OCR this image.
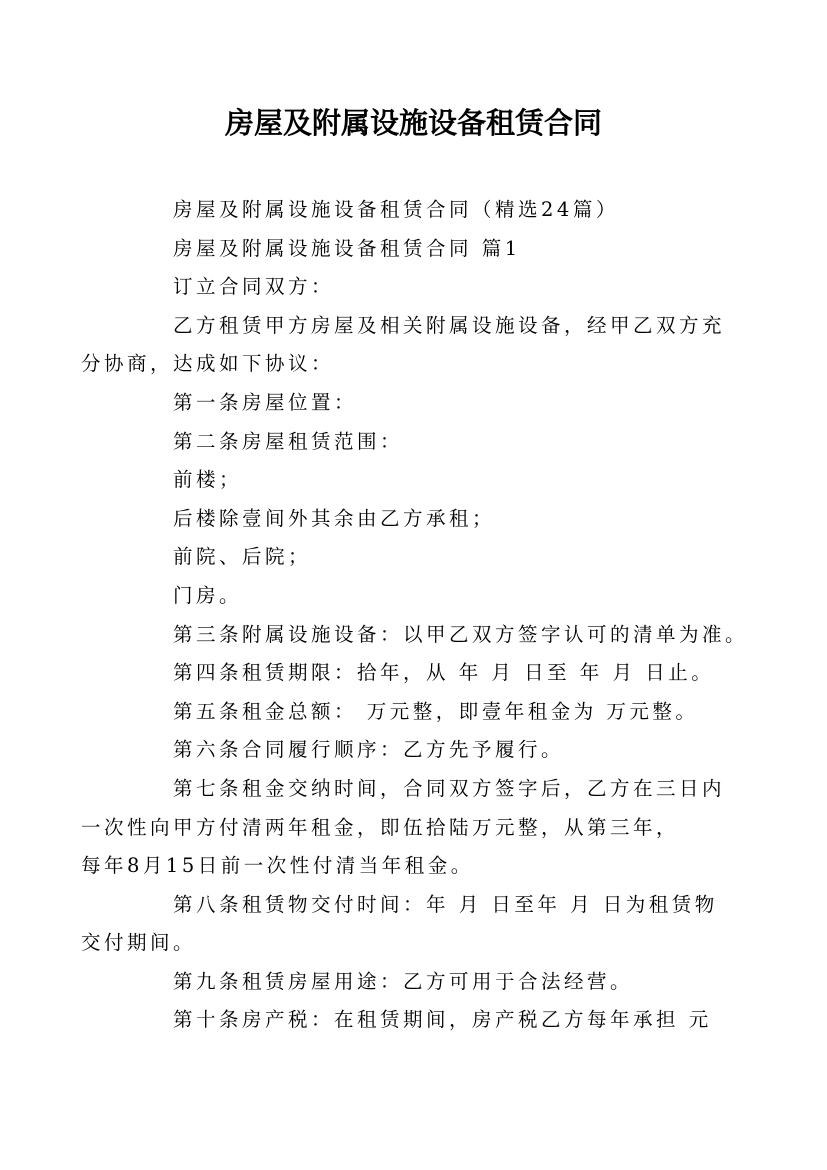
房屋及附属设施设备租赁合同

房屋及附属设施设备租赁合同（精选24篇）

房屋及附属设施设备租赁合同 篇1

订立合同双方：

乙方租赁甲方房屋及相关附属设施设备，经甲乙双方充
分协商，达成如下协议：

第一条房屋位置：

第二条房屋租赁范围：

前楼；

后楼除壹间外其余由乙方承租；

前院、后院；

门房。

第三条附属设施设备：以甲乙双方签字认可的清单为准。

第四条租赁期限：拾年，从 年 月 日至 年 月 日止。

第五条租金总额： 万元整，即壹年租金为 万元整。

第六条合同履行顺序：乙方先予履行。

第七条租金交纳时间，合同双方签字后，乙方在三日内
一次性向甲方付清两年租金，即伍拾陆万元整，从第三年，
每年8月15日前一次性付清当年租金。

第八条租赁物交付时间：年 月 日至年 月 日为租赁物
交付期间。

第九条租赁房屋用途：乙方可用于合法经营。

第十条房产税：在租赁期间，房产税乙方每年承担 元
